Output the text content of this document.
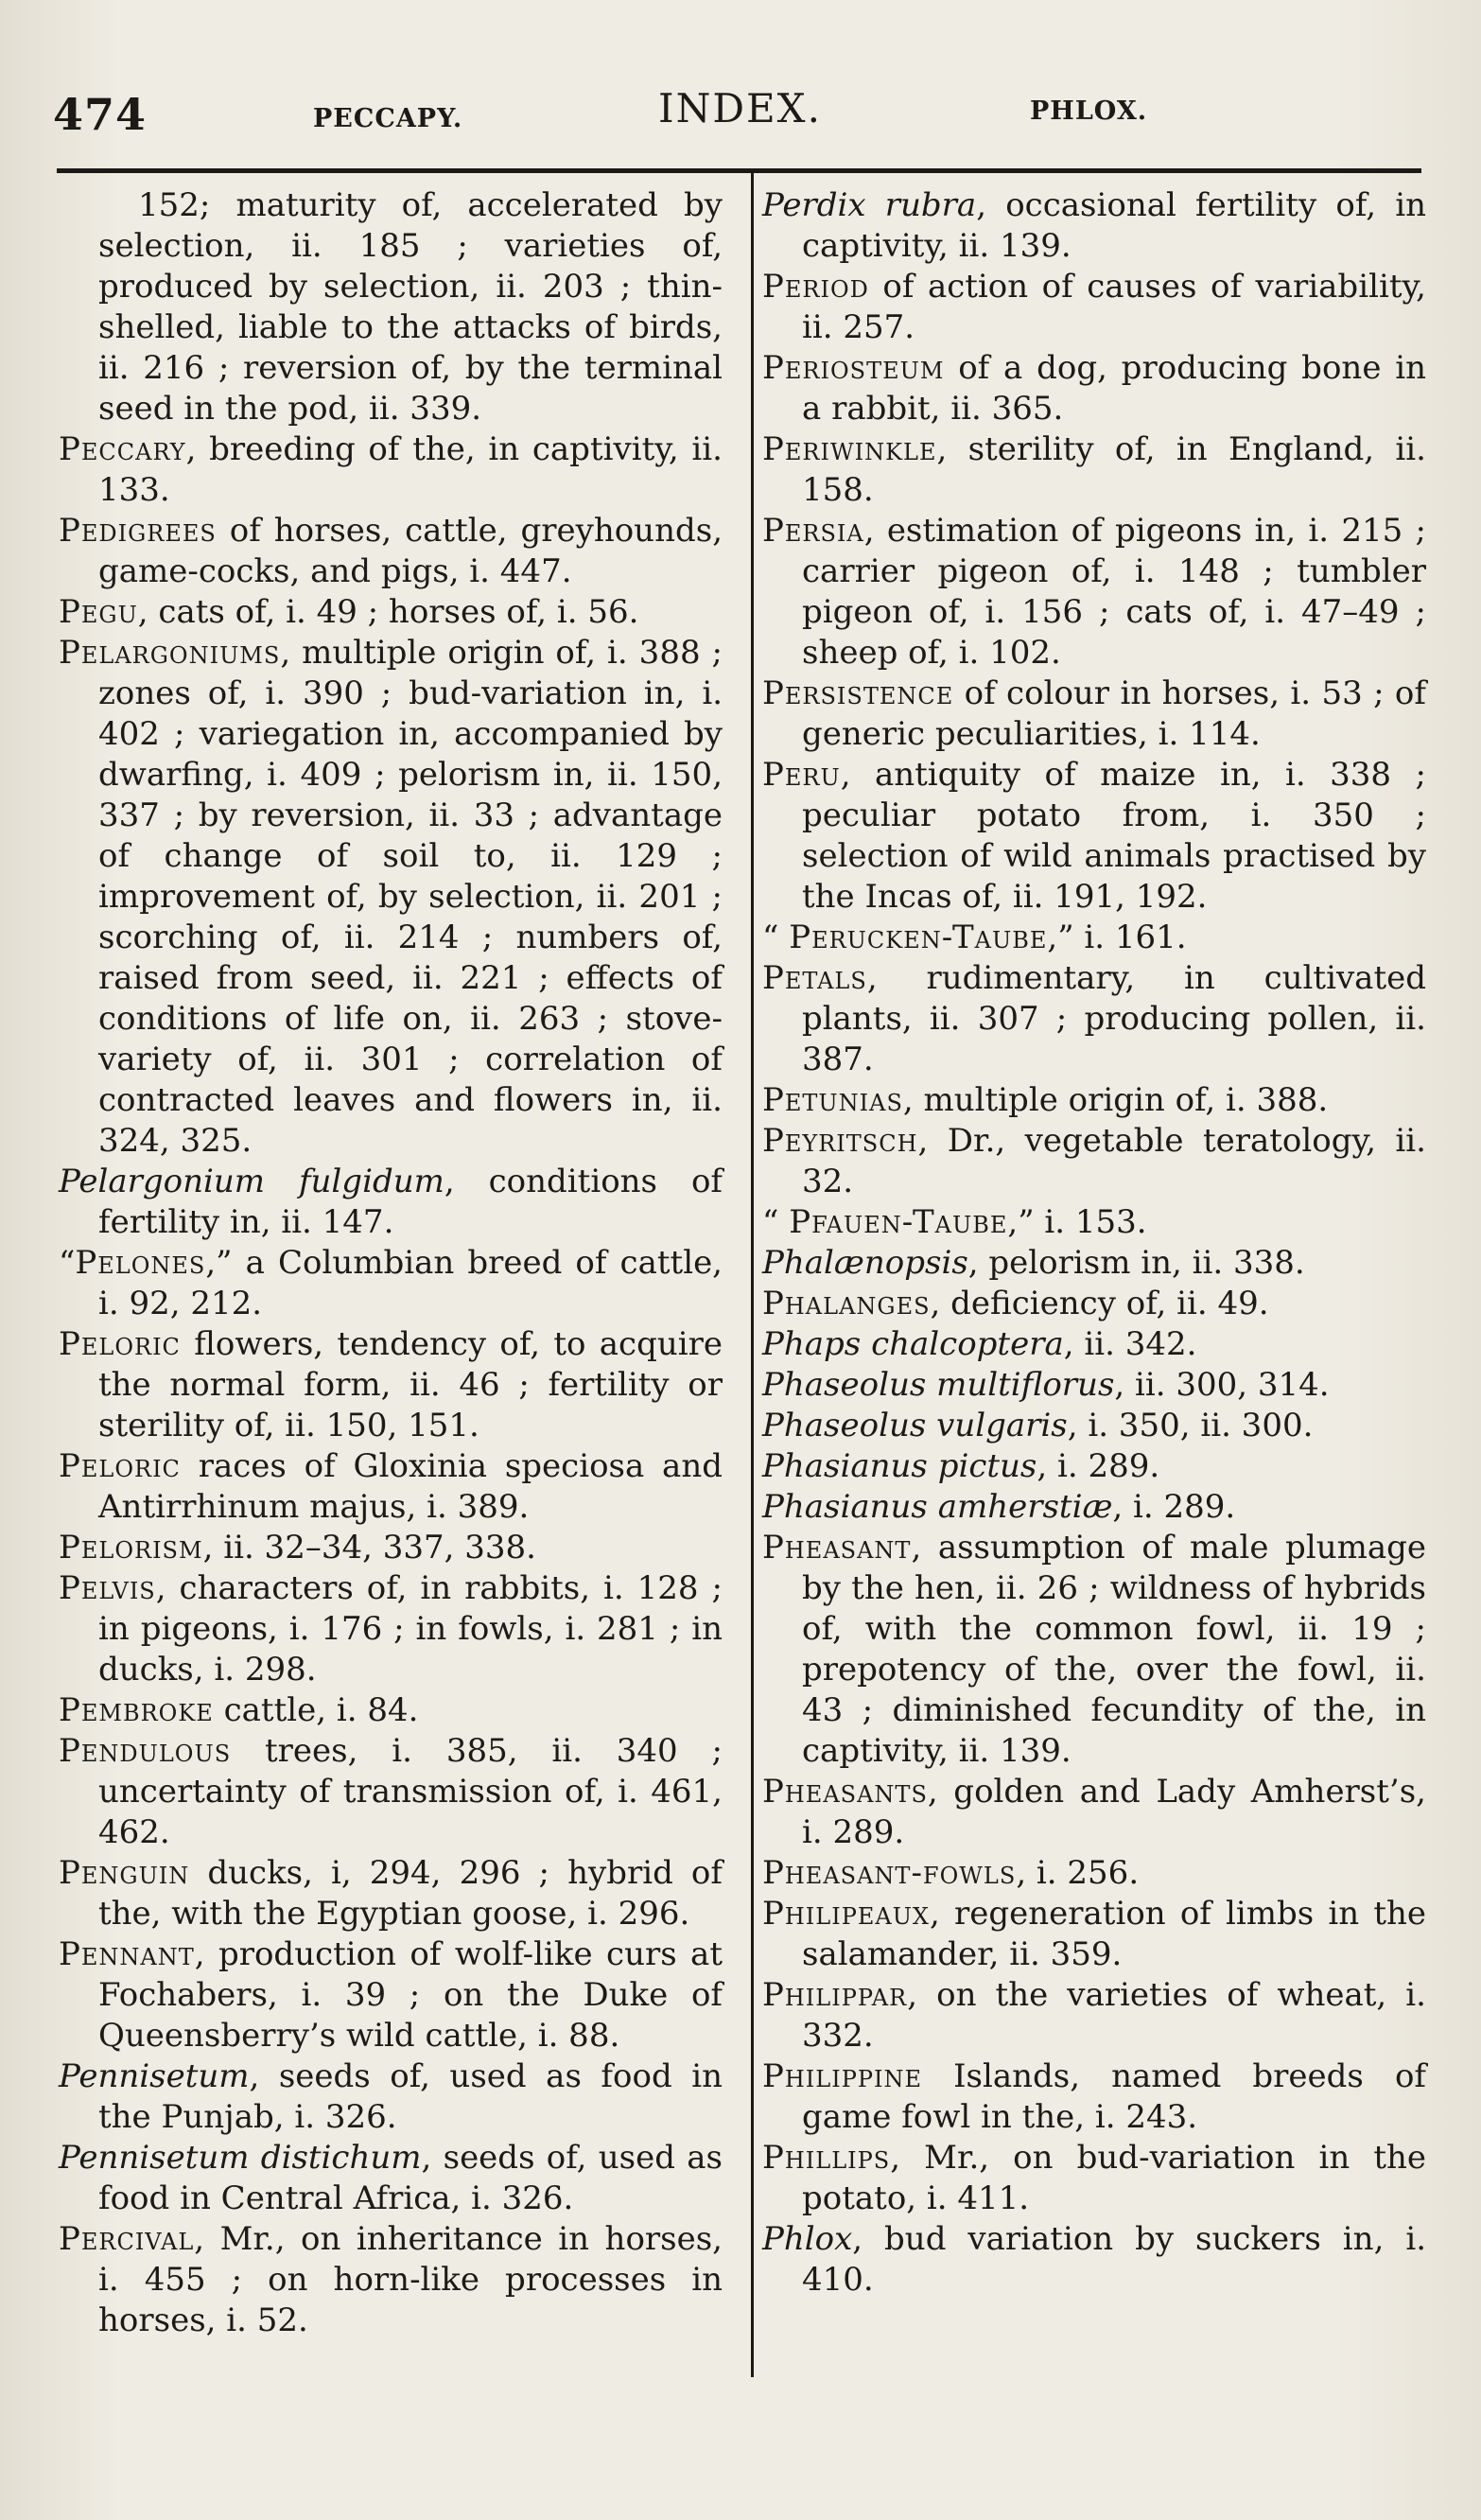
474	PECCAPY.	INDEX.	PHLOX.
152; maturity of, accelerated by selection, ii. 185 ; varieties of, produced by selection, ii. 203 ; thin-shelled, liable to the attacks of birds, ii. 216 ; reversion of, by the terminal seed in the pod, ii. 339.
Peccary, breeding of the, in captivity, ii. 133.
Pedigrees of horses, cattle, greyhounds, game-cocks, and pigs, i. 447.
Pegu, cats of, i. 49 ; horses of, i. 56.
Pelargoniums, multiple origin of, i. 388 ; zones of, i. 390 ; bud-variation in, i. 402 ; variegation in, accompanied by dwarfing, i. 409 ; pelorism in, ii. 150, 337 ; by reversion, ii. 33 ; advantage of change of soil to, ii. 129 ; improvement of, by selection, ii. 201 ; scorching of, ii. 214 ; numbers of, raised from seed, ii. 221 ; effects of conditions of life on, ii. 263 ; stove-variety of, ii. 301 ; correlation of contracted leaves and flowers in, ii. 324, 325.
Pelargonium fulgidum, conditions of fertility in, ii. 147.
“Pelones,” a Columbian breed of cattle, i. 92, 212.
Peloric flowers, tendency of, to acquire the normal form, ii. 46 ; fertility or sterility of, ii. 150, 151.
Peloric races of Gloxinia speciosa and Antirrhinum majus, i. 389.
Pelorism, ii. 32–34, 337, 338.
Pelvis, characters of, in rabbits, i. 128 ; in pigeons, i. 176 ; in fowls, i. 281 ; in ducks, i. 298.
Pembroke cattle, i. 84.
Pendulous trees, i. 385, ii. 340 ; uncertainty of transmission of, i. 461, 462.
Penguin ducks, i, 294, 296 ; hybrid of the, with the Egyptian goose, i. 296.
Pennant, production of wolf-like curs at Fochabers, i. 39 ; on the Duke of Queensberry’s wild cattle, i. 88.
Pennisetum, seeds of, used as food in the Punjab, i. 326.
Pennisetum distichum, seeds of, used as food in Central Africa, i. 326.
Percival, Mr., on inheritance in horses, i. 455 ; on horn-like processes in horses, i. 52.
Perdix rubra, occasional fertility of, in captivity, ii. 139.
Period of action of causes of variability, ii. 257.
Periosteum of a dog, producing bone in a rabbit, ii. 365.
Periwinkle, sterility of, in England, ii. 158.
Persia, estimation of pigeons in, i. 215 ; carrier pigeon of, i. 148 ; tumbler pigeon of, i. 156 ; cats of, i. 47–49 ; sheep of, i. 102.
Persistence of colour in horses, i. 53 ; of generic peculiarities, i. 114.
Peru, antiquity of maize in, i. 338 ; peculiar potato from, i. 350 ; selection of wild animals practised by the Incas of, ii. 191, 192.
“ Perucken-Taube,” i. 161.
Petals, rudimentary, in cultivated plants, ii. 307 ; producing pollen, ii. 387.
Petunias, multiple origin of, i. 388.
Peyritsch, Dr., vegetable teratology, ii. 32.
“ Pfauen-Taube,” i. 153.
Phalænopsis, pelorism in, ii. 338.
Phalanges, deficiency of, ii. 49.
Phaps chalcoptera, ii. 342.
Phaseolus multiflorus, ii. 300, 314.
Phaseolus vulgaris, i. 350, ii. 300.
Phasianus pictus, i. 289.
Phasianus amherstiæ, i. 289.
Pheasant, assumption of male plumage by the hen, ii. 26 ; wildness of hybrids of, with the common fowl, ii. 19 ; prepotency of the, over the fowl, ii. 43 ; diminished fecundity of the, in captivity, ii. 139.
Pheasants, golden and Lady Amherst’s, i. 289.
Pheasant-fowls, i. 256.
Philipeaux, regeneration of limbs in the salamander, ii. 359.
Philippar, on the varieties of wheat, i. 332.
Philippine Islands, named breeds of game fowl in the, i. 243.
Phillips, Mr., on bud-variation in the potato, i. 411.
Phlox, bud variation by suckers in, i. 410.
